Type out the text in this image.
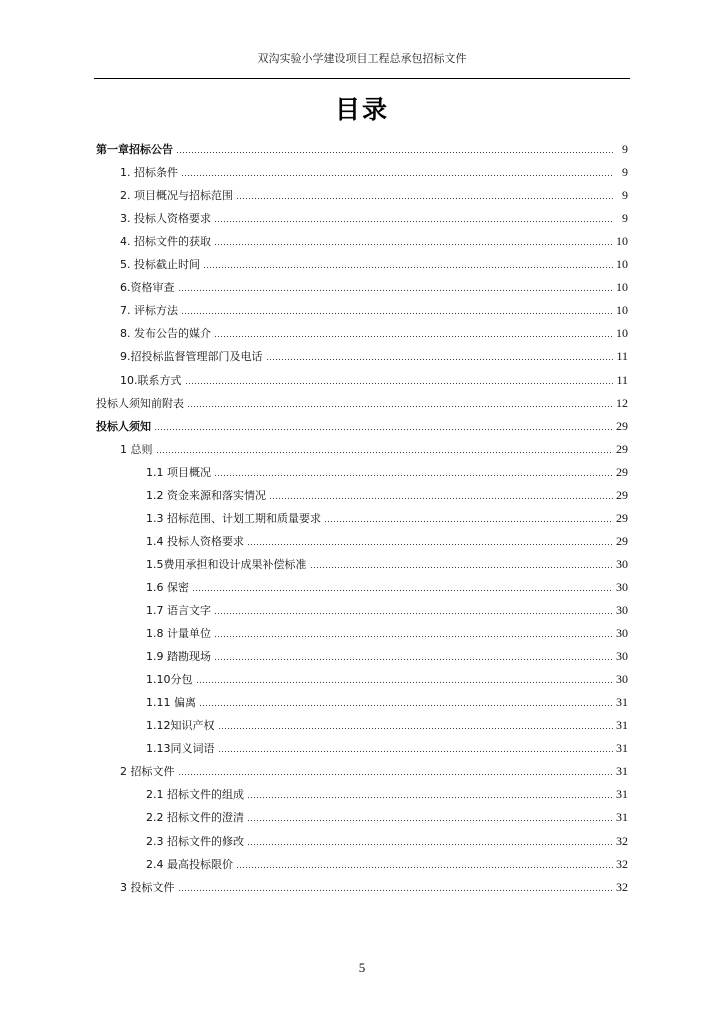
双沟实验小学建设项目工程总承包招标文件
目录
第一章招标公告	9
1. 招标条件	9
2. 项目概况与招标范围	9
3. 投标人资格要求	9
4. 招标文件的获取	10
5. 投标截止时间	10
6.资格审查	10
7. 评标方法	10
8. 发布公告的媒介	10
9.招投标监督管理部门及电话	11
10.联系方式	11
投标人须知前附表	12
投标人须知	29
1 总则	29
1.1 项目概况	29
1.2 资金来源和落实情况	29
1.3 招标范围、计划工期和质量要求	29
1.4 投标人资格要求	29
1.5费用承担和设计成果补偿标准	30
1.6 保密	30
1.7 语言文字	30
1.8 计量单位	30
1.9 踏勘现场	30
1.10分包	30
1.11 偏离	31
1.12知识产权	31
1.13同义词语	31
2 招标文件	31
2.1 招标文件的组成	31
2.2 招标文件的澄清	31
2.3 招标文件的修改	32
2.4 最高投标限价	32
3 投标文件	32
5
